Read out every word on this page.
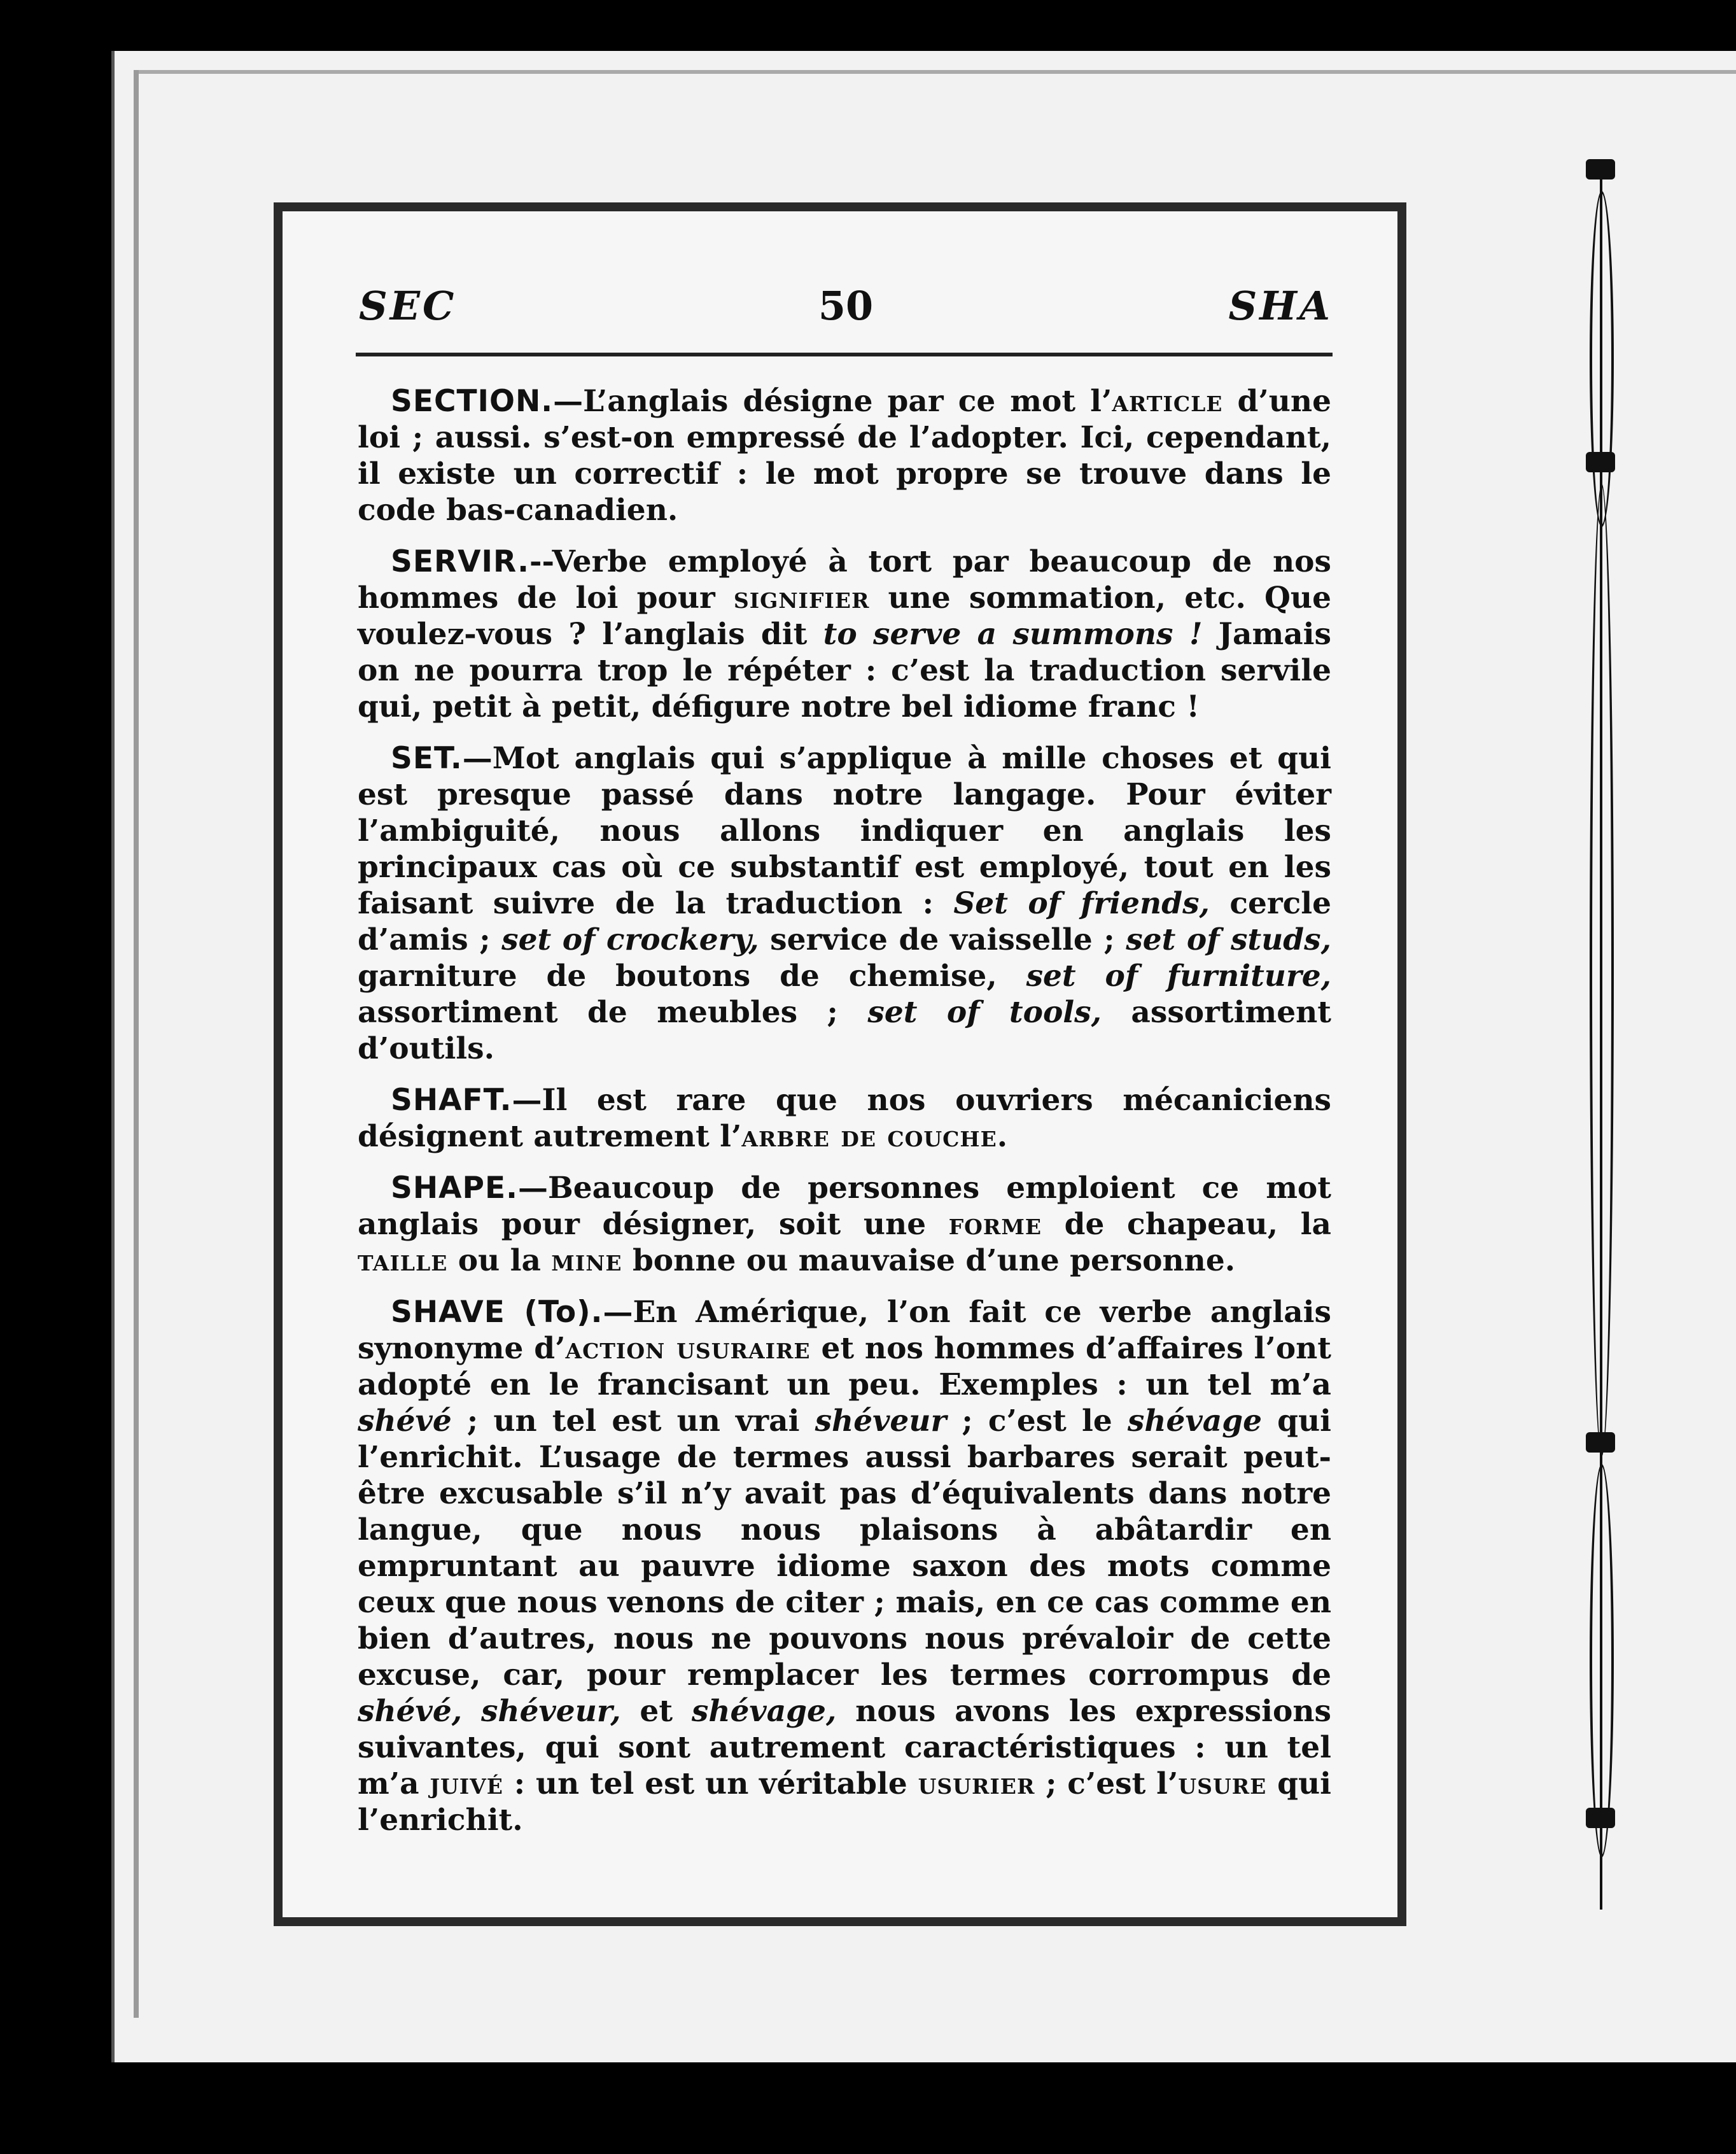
SEC	50	SHA

SECTION.—L’anglais désigne par ce mot l’article d’une loi ; aussi. s’est-on empressé de l’adopter. Ici, cependant, il existe un correctif : le mot propre se trouve dans le code bas-canadien.

SERVIR.--Verbe employé à tort par beaucoup de nos hommes de loi pour signifier une sommation, etc. Que voulez-vous ? l’anglais dit to serve a summons ! Jamais on ne pourra trop le répéter : c’est la traduction servile qui, petit à petit, défigure notre bel idiome franc !

SET.—Mot anglais qui s’applique à mille choses et qui est presque passé dans notre langage. Pour éviter l’ambiguité, nous allons indiquer en anglais les principaux cas où ce substantif est employé, tout en les faisant suivre de la traduction : Set of friends, cercle d’amis ; set of crockery, service de vaisselle ; set of studs, garniture de boutons de chemise, set of furniture, assortiment de meubles ; set of tools, assortiment d’outils.

SHAFT.—Il est rare que nos ouvriers mécaniciens désignent autrement l’arbre de couche.

SHAPE.—Beaucoup de personnes emploient ce mot anglais pour désigner, soit une forme de chapeau, la taille ou la mine bonne ou mauvaise d’une personne.

SHAVE (To).—En Amérique, l’on fait ce verbe anglais synonyme d’action usuraire et nos hommes d’affaires l’ont adopté en le francisant un peu. Exemples : un tel m’a shévé ; un tel est un vrai shéveur ; c’est le shévage qui l’enrichit. L’usage de termes aussi barbares serait peut-être excusable s’il n’y avait pas d’équivalents dans notre langue, que nous nous plaisons à abâtardir en empruntant au pauvre idiome saxon des mots comme ceux que nous venons de citer ; mais, en ce cas comme en bien d’autres, nous ne pouvons nous prévaloir de cette excuse, car, pour remplacer les termes corrompus de shévé, shéveur, et shévage, nous avons les expressions suivantes, qui sont autrement caractéristiques : un tel m’a juivé : un tel est un véritable usurier ; c’est l’usure qui l’enrichit.
